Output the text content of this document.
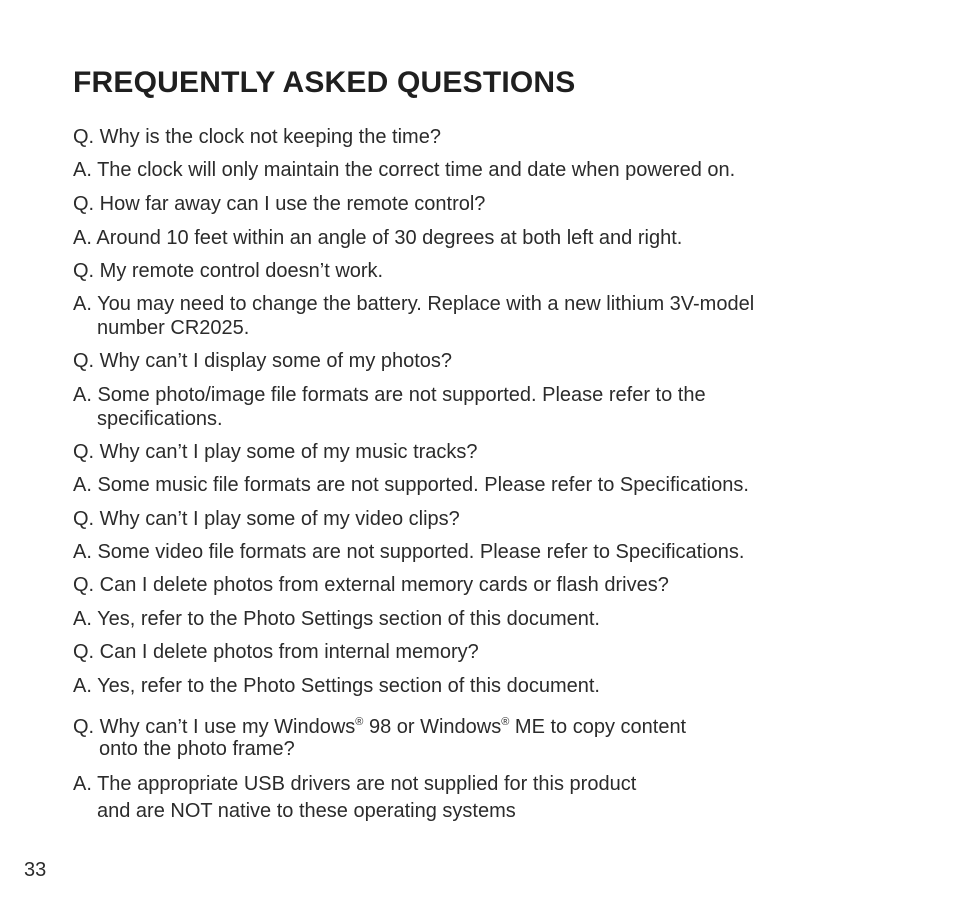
FREQUENTLY ASKED QUESTIONS
Q. Why is the clock not keeping the time?
A. The clock will only maintain the correct time and date when powered on.
Q. How far away can I use the remote control?
A. Around 10 feet within an angle of 30 degrees at both left and right.
Q. My remote control doesn’t work.
A. You may need to change the battery. Replace with a new lithium 3V-model
number CR2025.
Q. Why can’t I display some of my photos?
A. Some photo/image file formats are not supported. Please refer to the
specifications.
Q. Why can’t I play some of my music tracks?
A. Some music file formats are not supported. Please refer to Specifications.
Q. Why can’t I play some of my video clips?
A. Some video file formats are not supported. Please refer to Specifications.
Q. Can I delete photos from external memory cards or flash drives?
A. Yes, refer to the Photo Settings section of this document.
Q. Can I delete photos from internal memory?
A. Yes, refer to the Photo Settings section of this document.
Q. Why can’t I use my Windows® 98 or Windows® ME to copy content
onto the photo frame?
A. The appropriate USB drivers are not supplied for this product
and are NOT native to these operating systems
33
